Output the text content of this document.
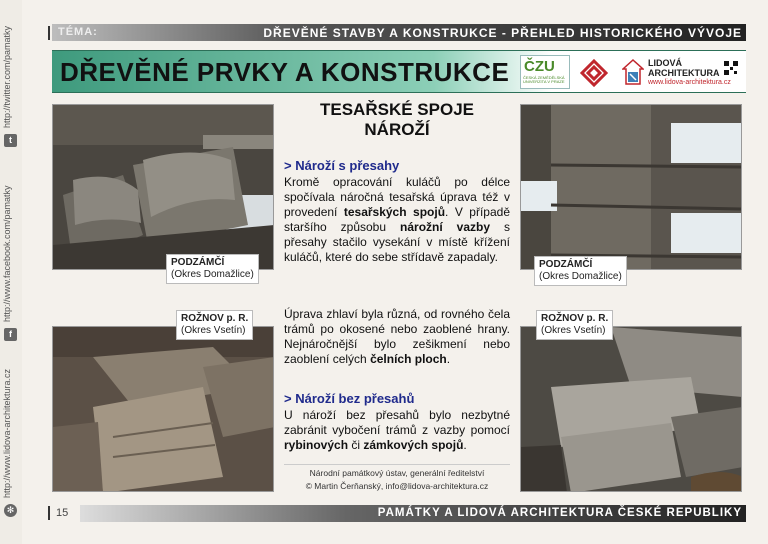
http://twitter.com/pamatky
t
http://www.facebook.com/pamatky
f
http://www.lidova-architektura.cz
✻
TÉMA:	DŘEVĚNÉ STAVBY A KONSTRUKCE - PŘEHLED HISTORICKÉHO VÝVOJE
DŘEVĚNÉ PRVKY A KONSTRUKCE ČZU
ČESKÁ ZEMĚDĚLSKÁ UNIVERZITA V PRAZE
LIDOVÁ
ARCHITEKTURA
www.lidova-architektura.cz
PODZÁMČÍ
(Okres Domažlice)
ROŽNOV p. R.
(Okres Vsetín)
PODZÁMČÍ
(Okres Domažlice)
ROŽNOV p. R.
(Okres Vsetín)
TESAŘSKÉ SPOJE
NÁROŽÍ
> Nároží s přesahy
Kromě opracování kuláčů po délce spočívala náročná tesařská úprava též v provedení tesařských spojů. V případě staršího způsobu nárožní vazby s přesahy stačilo vysekání v místě křížení kuláčů, které do sebe střídavě zapadaly.
Úprava zhlaví byla různá, od rovného čela trámů po okosené nebo zaoblené hrany. Nejnáročnější bylo zešikmení nebo zaoblení celých čelních ploch.
> Nároží bez přesahů
U nároží bez přesahů bylo nezbytné zabránit vybočení trámů z vazby pomocí rybinových či zámkových spojů.
Národní památkový ústav, generální ředitelství
© Martin Čerňanský, info@lidova-architektura.cz
15	PAMÁTKY A LIDOVÁ ARCHITEKTURA ČESKÉ REPUBLIKY
